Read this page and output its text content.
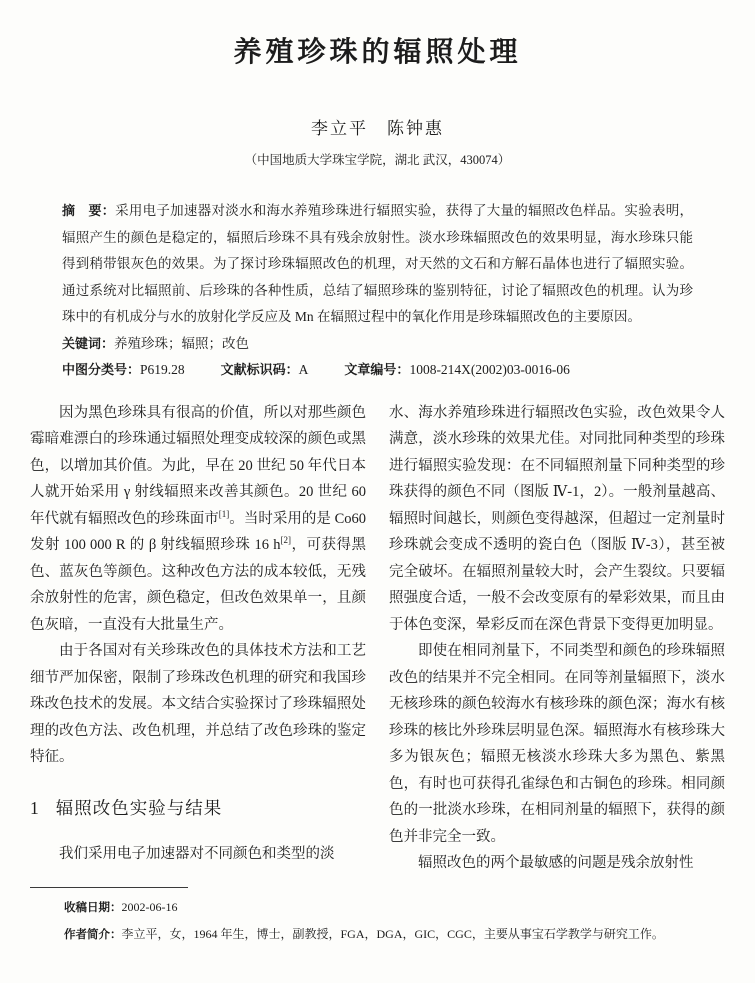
养殖珍珠的辐照处理
李立平　陈钟惠
（中国地质大学珠宝学院，湖北 武汉，430074）
摘　要：采用电子加速器对淡水和海水养殖珍珠进行辐照实验，获得了大量的辐照改色样品。实验表明，辐照产生的颜色是稳定的，辐照后珍珠不具有残余放射性。淡水珍珠辐照改色的效果明显，海水珍珠只能得到稍带银灰色的效果。为了探讨珍珠辐照改色的机理，对天然的文石和方解石晶体也进行了辐照实验。通过系统对比辐照前、后珍珠的各种性质，总结了辐照珍珠的鉴别特征，讨论了辐照改色的机理。认为珍珠中的有机成分与水的放射化学反应及 Mn 在辐照过程中的氧化作用是珍珠辐照改色的主要原因。
关键词：养殖珍珠；辐照；改色
中图分类号：P619.28	文献标识码：A	文章编号：1008-214X(2002)03-0016-06

因为黑色珍珠具有很高的价值，所以对那些颜色霉暗难漂白的珍珠通过辐照处理变成较深的颜色或黑色，以增加其价值。为此，早在 20 世纪 50 年代日本人就开始采用 γ 射线辐照来改善其颜色。20 世纪 60 年代就有辐照改色的珍珠面市[1]。当时采用的是 Co60 发射 100 000 R 的 β 射线辐照珍珠 16 h[2]，可获得黑色、蓝灰色等颜色。这种改色方法的成本较低，无残余放射性的危害，颜色稳定，但改色效果单一，且颜色灰暗，一直没有大批量生产。

由于各国对有关珍珠改色的具体技术方法和工艺细节严加保密，限制了珍珠改色机理的研究和我国珍珠改色技术的发展。本文结合实验探讨了珍珠辐照处理的改色方法、改色机理，并总结了改色珍珠的鉴定特征。

1 辐照改色实验与结果

我们采用电子加速器对不同颜色和类型的淡

水、海水养殖珍珠进行辐照改色实验，改色效果令人满意，淡水珍珠的效果尤佳。对同批同种类型的珍珠进行辐照实验发现：在不同辐照剂量下同种类型的珍珠获得的颜色不同（图版 Ⅳ-1，2）。一般剂量越高、辐照时间越长，则颜色变得越深，但超过一定剂量时珍珠就会变成不透明的瓷白色（图版 Ⅳ-3），甚至被完全破坏。在辐照剂量较大时，会产生裂纹。只要辐照强度合适，一般不会改变原有的晕彩效果，而且由于体色变深，晕彩反而在深色背景下变得更加明显。

即使在相同剂量下，不同类型和颜色的珍珠辐照改色的结果并不完全相同。在同等剂量辐照下，淡水无核珍珠的颜色较海水有核珍珠的颜色深；海水有核珍珠的核比外珍珠层明显色深。辐照海水有核珍珠大多为银灰色；辐照无核淡水珍珠大多为黑色、紫黑色，有时也可获得孔雀绿色和古铜色的珍珠。相同颜色的一批淡水珍珠，在相同剂量的辐照下，获得的颜色并非完全一致。

辐照改色的两个最敏感的问题是残余放射性

收稿日期：2002-06-16
作者简介：李立平，女，1964 年生，博士，副教授，FGA，DGA，GIC，CGC，主要从事宝石学教学与研究工作。
